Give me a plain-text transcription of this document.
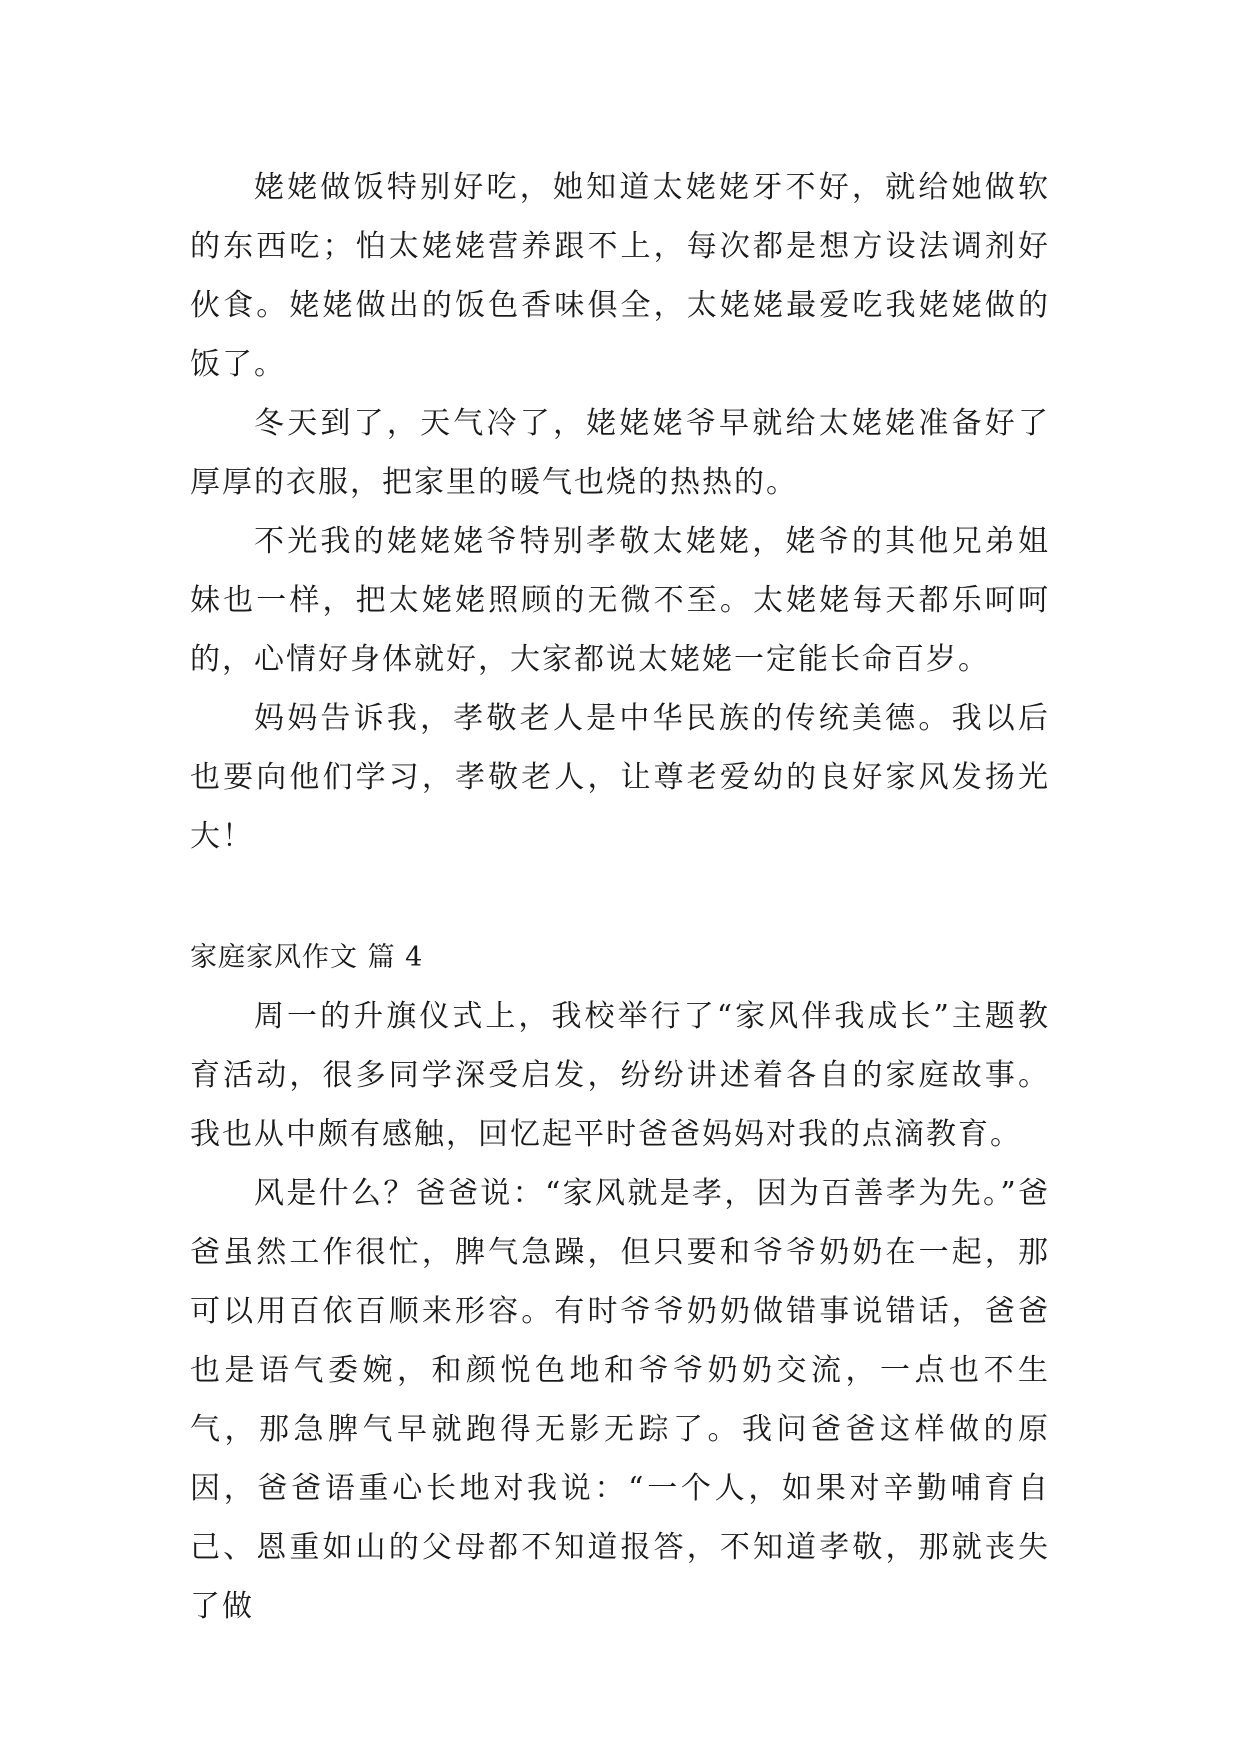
姥姥做饭特别好吃，她知道太姥姥牙不好，就给她做软的东西吃；怕太姥姥营养跟不上，每次都是想方设法调剂好伙食。姥姥做出的饭色香味俱全，太姥姥最爱吃我姥姥做的饭了。

冬天到了，天气冷了，姥姥姥爷早就给太姥姥准备好了厚厚的衣服，把家里的暖气也烧的热热的。

不光我的姥姥姥爷特别孝敬太姥姥，姥爷的其他兄弟姐妹也一样，把太姥姥照顾的无微不至。太姥姥每天都乐呵呵的，心情好身体就好，大家都说太姥姥一定能长命百岁。

妈妈告诉我，孝敬老人是中华民族的传统美德。我以后也要向他们学习，孝敬老人，让尊老爱幼的良好家风发扬光大！

家庭家风作文 篇 4

周一的升旗仪式上，我校举行了“家风伴我成长”主题教育活动，很多同学深受启发，纷纷讲述着各自的家庭故事。我也从中颇有感触，回忆起平时爸爸妈妈对我的点滴教育。

风是什么？爸爸说：“家风就是孝，因为百善孝为先。”爸爸虽然工作很忙，脾气急躁，但只要和爷爷奶奶在一起，那可以用百依百顺来形容。有时爷爷奶奶做错事说错话，爸爸也是语气委婉，和颜悦色地和爷爷奶奶交流，一点也不生气，那急脾气早就跑得无影无踪了。我问爸爸这样做的原因，爸爸语重心长地对我说：“一个人，如果对辛勤哺育自己、恩重如山的父母都不知道报答，不知道孝敬，那就丧失了做
